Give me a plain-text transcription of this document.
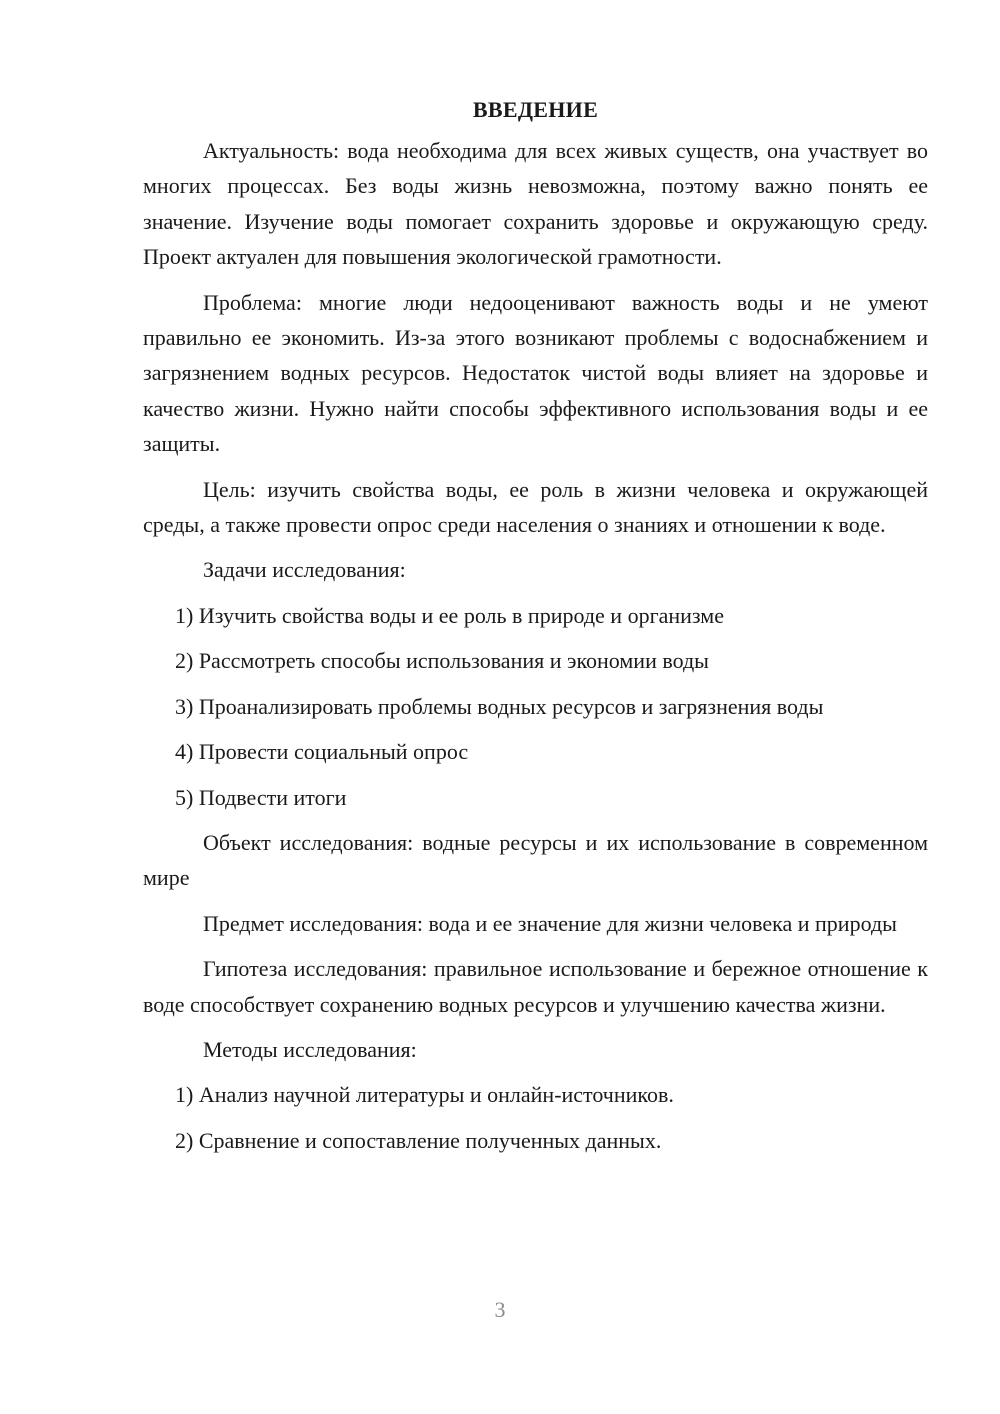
ВВЕДЕНИЕ

Актуальность: вода необходима для всех живых существ, она участвует во многих процессах. Без воды жизнь невозможна, поэтому важно понять ее значение. Изучение воды помогает сохранить здоровье и окружающую среду. Проект актуален для повышения экологической грамотности.

Проблема: многие люди недооценивают важность воды и не умеют правильно ее экономить. Из-за этого возникают проблемы с водоснабжением и загрязнением водных ресурсов. Недостаток чистой воды влияет на здоровье и качество жизни. Нужно найти способы эффективного использования воды и ее защиты.

Цель: изучить свойства воды, ее роль в жизни человека и окружающей среды, а также провести опрос среди населения о знаниях и отношении к воде.

Задачи исследования:

1) Изучить свойства воды и ее роль в природе и организме
2) Рассмотреть способы использования и экономии воды
3) Проанализировать проблемы водных ресурсов и загрязнения воды
4) Провести социальный опрос
5) Подвести итоги

Объект исследования: водные ресурсы и их использование в современном мире

Предмет исследования: вода и ее значение для жизни человека и природы

Гипотеза исследования: правильное использование и бережное отношение к воде способствует сохранению водных ресурсов и улучшению качества жизни.

Методы исследования:

1) Анализ научной литературы и онлайн-источников.
2) Сравнение и сопоставление полученных данных.
3
